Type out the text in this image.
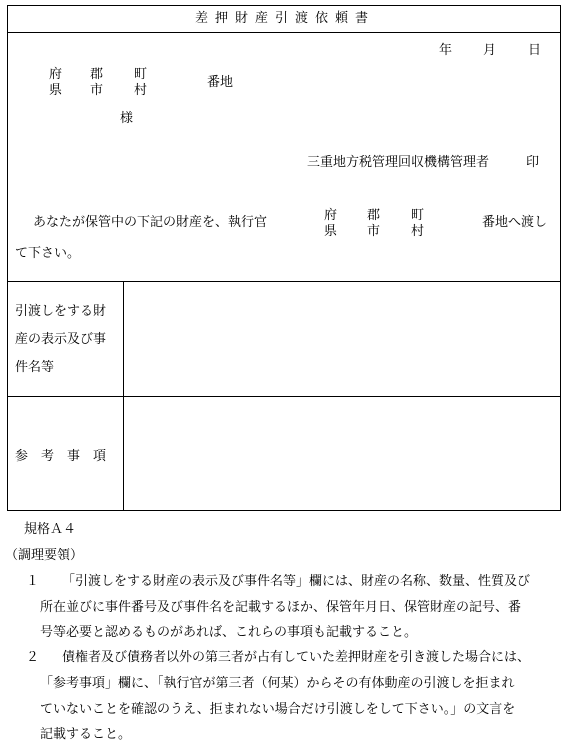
差押財産引渡依頼書
年 月 日
府
県
郡
市
町
村
番地
様
三重地方税管理回収機構管理者	印
あなたが保管中の下記の財産を、執行官	府
県
郡
市
町
村
番地へ渡し
て下さい。
引渡しをする財
産の表示及び事
件名等
参考事項
規格Ａ４
（調理要領）
１ 「引渡しをする財産の表示及び事件名等」欄には、財産の名称、数量、性質及び
所在並びに事件番号及び事件名を記載するほか、保管年月日、保管財産の記号、番
号等必要と認めるものがあれば、これらの事項も記載すること。
２ 債権者及び債務者以外の第三者が占有していた差押財産を引き渡した場合には、
「参考事項」欄に、「執行官が第三者（何某）からその有体動産の引渡しを拒まれ
ていないことを確認のうえ、拒まれない場合だけ引渡しをして下さい。」の文言を
記載すること。
